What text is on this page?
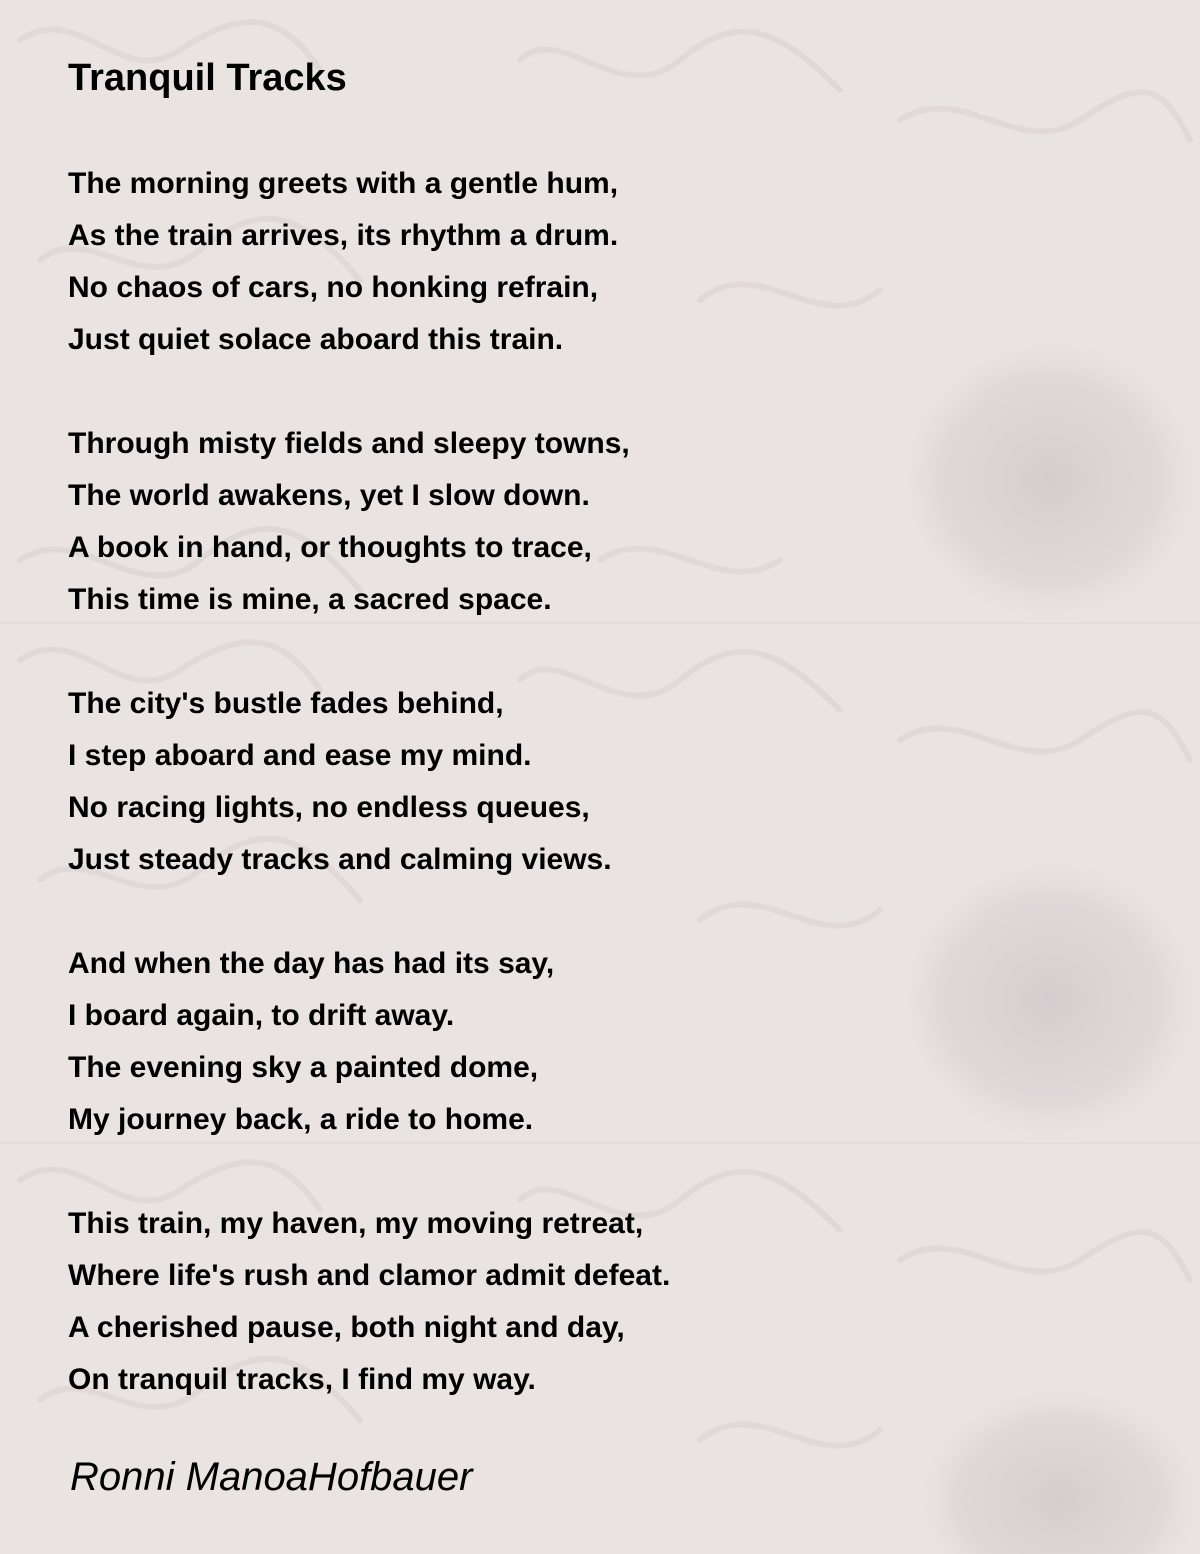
Tranquil Tracks
The morning greets with a gentle hum,
As the train arrives, its rhythm a drum.
No chaos of cars, no honking refrain,
Just quiet solace aboard this train.
Through misty fields and sleepy towns,
The world awakens, yet I slow down.
A book in hand, or thoughts to trace,
This time is mine, a sacred space.
The city's bustle fades behind,
I step aboard and ease my mind.
No racing lights, no endless queues,
Just steady tracks and calming views.
And when the day has had its say,
I board again, to drift away.
The evening sky a painted dome,
My journey back, a ride to home.
This train, my haven, my moving retreat,
Where life's rush and clamor admit defeat.
A cherished pause, both night and day,
On tranquil tracks, I find my way.
Ronni ManoaHofbauer
